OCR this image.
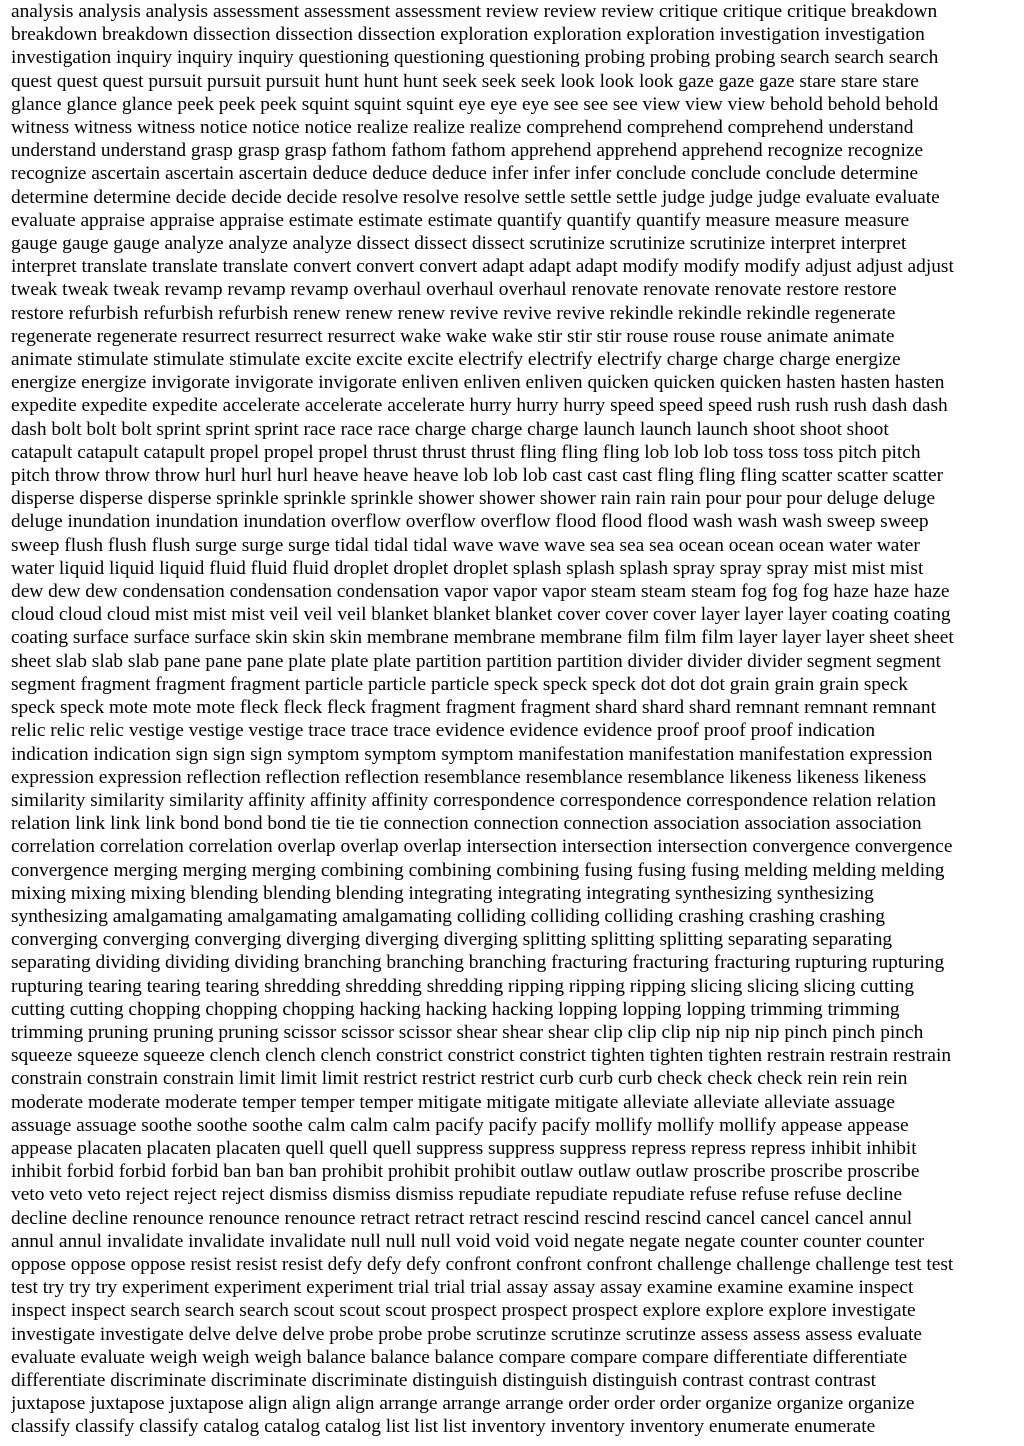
analysis analysis analysis assessment assessment assessment review review review critique critique critique breakdown
breakdown breakdown dissection dissection dissection exploration exploration exploration investigation investigation
investigation inquiry inquiry inquiry questioning questioning questioning probing probing probing search search search
quest quest quest pursuit pursuit pursuit hunt hunt hunt seek seek seek look look look gaze gaze gaze stare stare stare
glance glance glance peek peek peek squint squint squint eye eye eye see see see view view view behold behold behold
witness witness witness notice notice notice realize realize realize comprehend comprehend comprehend understand
understand understand grasp grasp grasp fathom fathom fathom apprehend apprehend apprehend recognize recognize
recognize ascertain ascertain ascertain deduce deduce deduce infer infer infer conclude conclude conclude determine
determine determine decide decide decide resolve resolve resolve settle settle settle judge judge judge evaluate evaluate
evaluate appraise appraise appraise estimate estimate estimate quantify quantify quantify measure measure measure
gauge gauge gauge analyze analyze analyze dissect dissect dissect scrutinize scrutinize scrutinize interpret interpret
interpret translate translate translate convert convert convert adapt adapt adapt modify modify modify adjust adjust adjust
tweak tweak tweak revamp revamp revamp overhaul overhaul overhaul renovate renovate renovate restore restore
restore refurbish refurbish refurbish renew renew renew revive revive revive rekindle rekindle rekindle regenerate
regenerate regenerate resurrect resurrect resurrect wake wake wake stir stir stir rouse rouse rouse animate animate
animate stimulate stimulate stimulate excite excite excite electrify electrify electrify charge charge charge energize
energize energize invigorate invigorate invigorate enliven enliven enliven quicken quicken quicken hasten hasten hasten
expedite expedite expedite accelerate accelerate accelerate hurry hurry hurry speed speed speed rush rush rush dash dash
dash bolt bolt bolt sprint sprint sprint race race race charge charge charge launch launch launch shoot shoot shoot
catapult catapult catapult propel propel propel thrust thrust thrust fling fling fling lob lob lob toss toss toss pitch pitch
pitch throw throw throw hurl hurl hurl heave heave heave lob lob lob cast cast cast fling fling fling scatter scatter scatter
disperse disperse disperse sprinkle sprinkle sprinkle shower shower shower rain rain rain pour pour pour deluge deluge
deluge inundation inundation inundation overflow overflow overflow flood flood flood wash wash wash sweep sweep
sweep flush flush flush surge surge surge tidal tidal tidal wave wave wave sea sea sea ocean ocean ocean water water
water liquid liquid liquid fluid fluid fluid droplet droplet droplet splash splash splash spray spray spray mist mist mist
dew dew dew condensation condensation condensation vapor vapor vapor steam steam steam fog fog fog haze haze haze
cloud cloud cloud mist mist mist veil veil veil blanket blanket blanket cover cover cover layer layer layer coating coating
coating surface surface surface skin skin skin membrane membrane membrane film film film layer layer layer sheet sheet
sheet slab slab slab pane pane pane plate plate plate partition partition partition divider divider divider segment segment
segment fragment fragment fragment particle particle particle speck speck speck dot dot dot grain grain grain speck
speck speck mote mote mote fleck fleck fleck fragment fragment fragment shard shard shard remnant remnant remnant
relic relic relic vestige vestige vestige trace trace trace evidence evidence evidence proof proof proof indication
indication indication sign sign sign symptom symptom symptom manifestation manifestation manifestation expression
expression expression reflection reflection reflection resemblance resemblance resemblance likeness likeness likeness
similarity similarity similarity affinity affinity affinity correspondence correspondence correspondence relation relation
relation link link link bond bond bond tie tie tie connection connection connection association association association
correlation correlation correlation overlap overlap overlap intersection intersection intersection convergence convergence
convergence merging merging merging combining combining combining fusing fusing fusing melding melding melding
mixing mixing mixing blending blending blending integrating integrating integrating synthesizing synthesizing
synthesizing amalgamating amalgamating amalgamating colliding colliding colliding crashing crashing crashing
converging converging converging diverging diverging diverging splitting splitting splitting separating separating
separating dividing dividing dividing branching branching branching fracturing fracturing fracturing rupturing rupturing
rupturing tearing tearing tearing shredding shredding shredding ripping ripping ripping slicing slicing slicing cutting
cutting cutting chopping chopping chopping hacking hacking hacking lopping lopping lopping trimming trimming
trimming pruning pruning pruning scissor scissor scissor shear shear shear clip clip clip nip nip nip pinch pinch pinch
squeeze squeeze squeeze clench clench clench constrict constrict constrict tighten tighten tighten restrain restrain restrain
constrain constrain constrain limit limit limit restrict restrict restrict curb curb curb check check check rein rein rein
moderate moderate moderate temper temper temper mitigate mitigate mitigate alleviate alleviate alleviate assuage
assuage assuage soothe soothe soothe calm calm calm pacify pacify pacify mollify mollify mollify appease appease
appease placaten placaten placaten quell quell quell suppress suppress suppress repress repress repress inhibit inhibit
inhibit forbid forbid forbid ban ban ban prohibit prohibit prohibit outlaw outlaw outlaw proscribe proscribe proscribe
veto veto veto reject reject reject dismiss dismiss dismiss repudiate repudiate repudiate refuse refuse refuse decline
decline decline renounce renounce renounce retract retract retract rescind rescind rescind cancel cancel cancel annul
annul annul invalidate invalidate invalidate null null null void void void negate negate negate counter counter counter
oppose oppose oppose resist resist resist defy defy defy confront confront confront challenge challenge challenge test test
test try try try experiment experiment experiment trial trial trial assay assay assay examine examine examine inspect
inspect inspect search search search scout scout scout prospect prospect prospect explore explore explore investigate
investigate investigate delve delve delve probe probe probe scrutinze scrutinze scrutinze assess assess assess evaluate
evaluate evaluate weigh weigh weigh balance balance balance compare compare compare differentiate differentiate
differentiate discriminate discriminate discriminate distinguish distinguish distinguish contrast contrast contrast
juxtapose juxtapose juxtapose align align align arrange arrange arrange order order order organize organize organize
classify classify classify catalog catalog catalog list list list inventory inventory inventory enumerate enumerate
